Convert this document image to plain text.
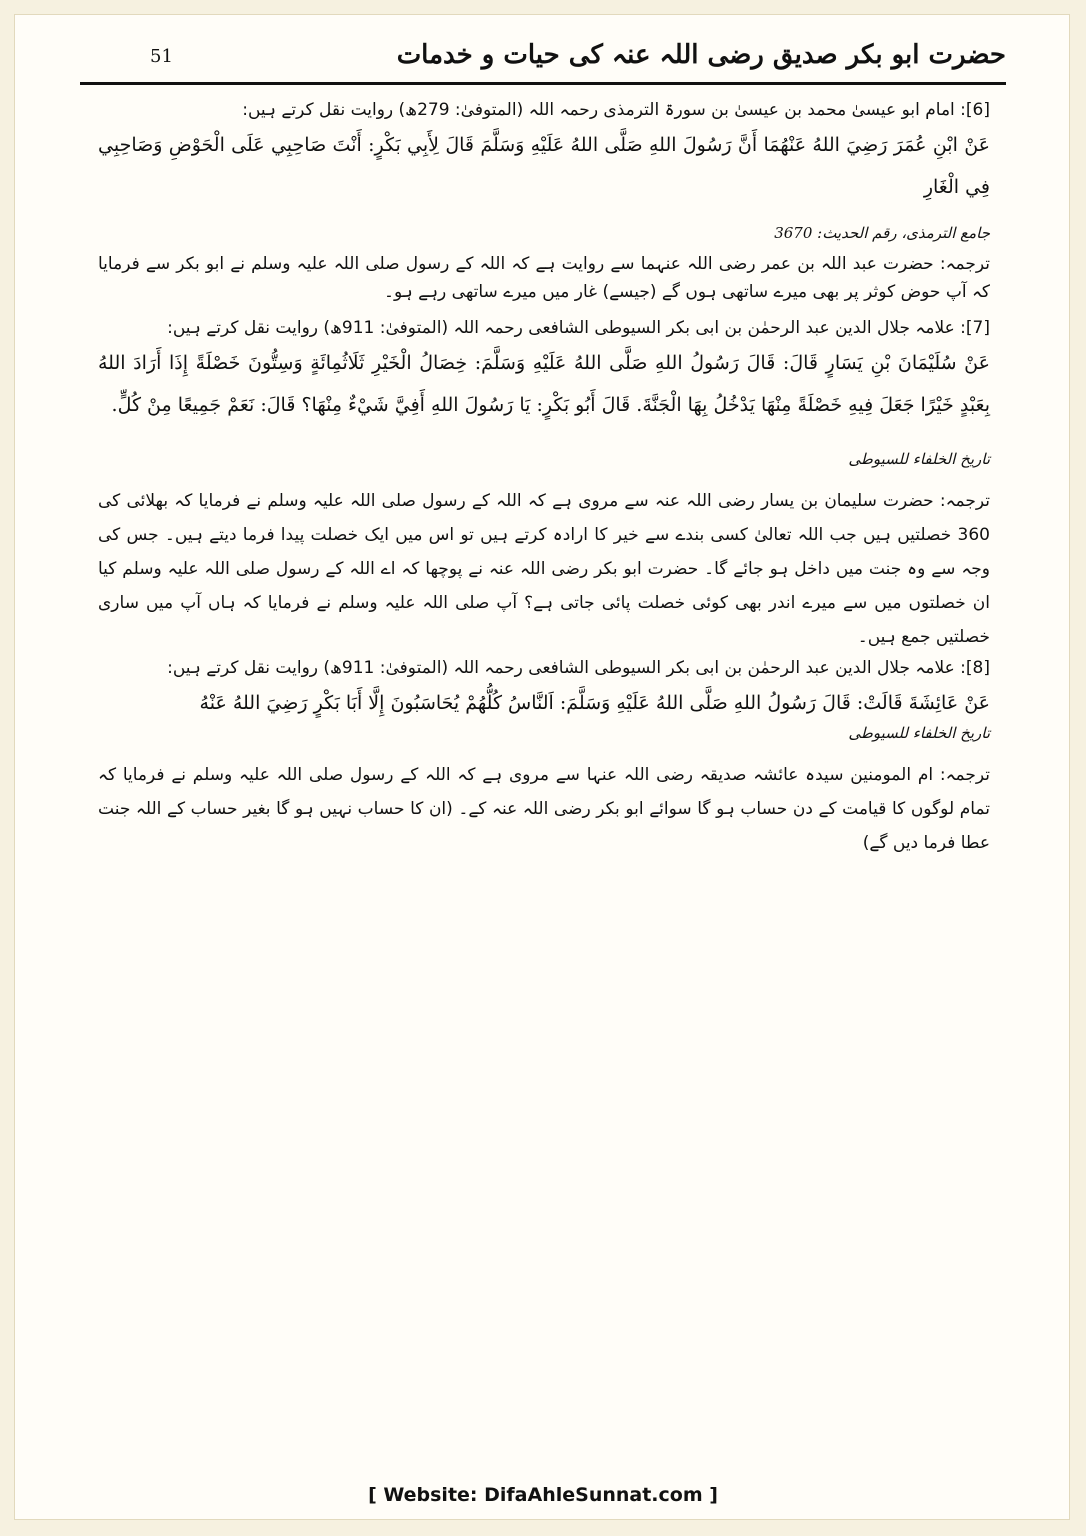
حضرت ابو بکر صدیق رضی اللہ عنہ کی حیات و خدمات
51

[6]: امام ابو عیسیٰ محمد بن عیسیٰ بن سورۃ الترمذی رحمہ اللہ (المتوفیٰ: 279ھ) روایت نقل کرتے ہیں:

عَنْ ابْنِ عُمَرَ رَضِيَ اللهُ عَنْهُمَا أَنَّ رَسُولَ اللهِ صَلَّى اللهُ عَلَيْهِ وَسَلَّمَ قَالَ لِأَبِي بَكْرٍ: أَنْتَ صَاحِبِي عَلَى الْحَوْضِ وَصَاحِبِي فِي الْغَارِ

جامع الترمذی، رقم الحدیث: 3670

ترجمہ: حضرت عبد اللہ بن عمر رضی اللہ عنہما سے روایت ہے کہ اللہ کے رسول صلی اللہ علیہ وسلم نے ابو بکر سے فرمایا کہ آپ حوض کوثر پر بھی میرے ساتھی ہوں گے (جیسے) غار میں میرے ساتھی رہے ہو۔

[7]: علامہ جلال الدین عبد الرحمٰن بن ابی بکر السیوطی الشافعی رحمہ اللہ (المتوفیٰ: 911ھ) روایت نقل کرتے ہیں:

عَنْ سُلَيْمَانَ بْنِ يَسَارٍ قَالَ: قَالَ رَسُولُ اللهِ صَلَّى اللهُ عَلَيْهِ وَسَلَّمَ: خِصَالُ الْخَيْرِ ثَلَاثُمِائَةٍ وَسِتُّونَ خَصْلَةً إِذَا أَرَادَ اللهُ بِعَبْدٍ خَيْرًا جَعَلَ فِيهِ خَصْلَةً مِنْهَا يَدْخُلُ بِهَا الْجَنَّةَ. قَالَ أَبُو بَكْرٍ: يَا رَسُولَ اللهِ أَفِيَّ شَيْءٌ مِنْهَا؟ قَالَ: نَعَمْ جَمِيعًا مِنْ كُلٍّ.

تاریخ الخلفاء للسیوطی

ترجمہ: حضرت سلیمان بن یسار رضی اللہ عنہ سے مروی ہے کہ اللہ کے رسول صلی اللہ علیہ وسلم نے فرمایا کہ بھلائی کی 360 خصلتیں ہیں جب اللہ تعالیٰ کسی بندے سے خیر کا ارادہ کرتے ہیں تو اس میں ایک خصلت پیدا فرما دیتے ہیں۔ جس کی وجہ سے وہ جنت میں داخل ہو جائے گا۔ حضرت ابو بکر رضی اللہ عنہ نے پوچھا کہ اے اللہ کے رسول صلی اللہ علیہ وسلم کیا ان خصلتوں میں سے میرے اندر بھی کوئی خصلت پائی جاتی ہے؟ آپ صلی اللہ علیہ وسلم نے فرمایا کہ ہاں آپ میں ساری خصلتیں جمع ہیں۔

[8]: علامہ جلال الدین عبد الرحمٰن بن ابی بکر السیوطی الشافعی رحمہ اللہ (المتوفیٰ: 911ھ) روایت نقل کرتے ہیں:

عَنْ عَائِشَةَ قَالَتْ: قَالَ رَسُولُ اللهِ صَلَّى اللهُ عَلَيْهِ وَسَلَّمَ: اَلنَّاسُ كُلُّهُمْ يُحَاسَبُونَ إِلَّا أَبَا بَكْرٍ رَضِيَ اللهُ عَنْهُ

تاریخ الخلفاء للسیوطی

ترجمہ: ام المومنین سیدہ عائشہ صدیقہ رضی اللہ عنہا سے مروی ہے کہ اللہ کے رسول صلی اللہ علیہ وسلم نے فرمایا کہ تمام لوگوں کا قیامت کے دن حساب ہو گا سوائے ابو بکر رضی اللہ عنہ کے۔ (ان کا حساب نہیں ہو گا بغیر حساب کے اللہ جنت عطا فرما دیں گے)

[ Website: DifaAhleSunnat.com ]
